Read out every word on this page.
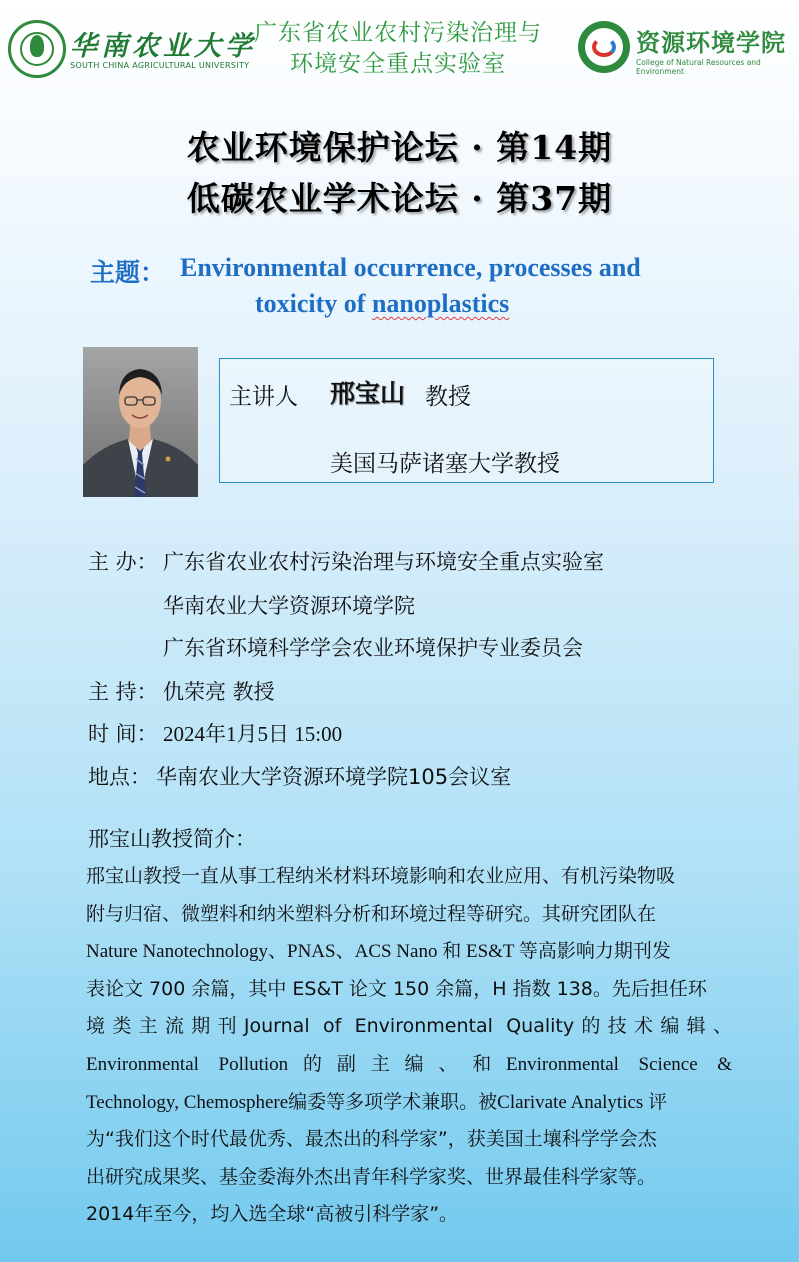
华南农业大学
SOUTH CHINA AGRICULTURAL UNIVERSITY
广东省农业农村污染治理与
环境安全重点实验室
资源环境学院
College of Natural Resources and Environment
农业环境保护论坛 · 第14期
低碳农业学术论坛 · 第37期
主题： Environmental occurrence, processes and
toxicity of nanoplastics
主讲人 邢宝山 教授
美国马萨诸塞大学教授
主 办： 广东省农业农村污染治理与环境安全重点实验室
华南农业大学资源环境学院
广东省环境科学学会农业环境保护专业委员会
主 持： 仇荣亮 教授
时 间： 2024年1月5日 15:00
地点： 华南农业大学资源环境学院105会议室
邢宝山教授简介：
邢宝山教授一直从事工程纳米材料环境影响和农业应用、有机污染物吸
附与归宿、微塑料和纳米塑料分析和环境过程等研究。其研究团队在
Nature Nanotechnology、PNAS、ACS Nano 和 ES&T 等高影响力期刊发
表论文 700 余篇，其中 ES&T 论文 150 余篇，H 指数 138。先后担任环
境类主流期刊Journal of Environmental Quality的技术编辑、
Environmental Pollution的副主编、和Environmental Science &
Technology, Chemosphere编委等多项学术兼职。被Clarivate Analytics 评
为“我们这个时代最优秀、最杰出的科学家”，获美国土壤科学学会杰
出研究成果奖、基金委海外杰出青年科学家奖、世界最佳科学家等。
2014年至今，均入选全球“高被引科学家”。
